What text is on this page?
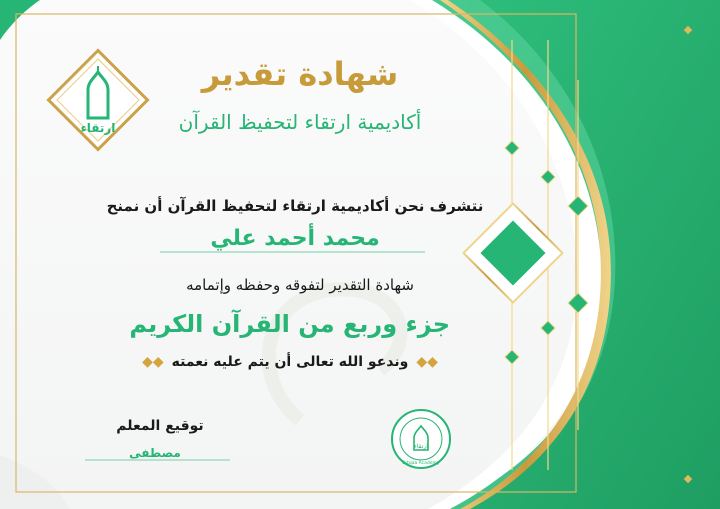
ارتقاء
شهادة تقدير
أكاديمية ارتقاء لتحفيظ القرآن
نتشرف نحن أكاديمية ارتقاء لتحفيظ القرآن أن نمنح
محمد أحمد علي
شهادة التقدير لتفوقه وحفظه وإتمامه
جزء وربع من القرآن الكريم
◆◆ وندعو الله تعالى أن يتم عليه نعمته ◆◆
توقيع المعلم
مصطفى	ارتقاء
Ertqaa Academy
